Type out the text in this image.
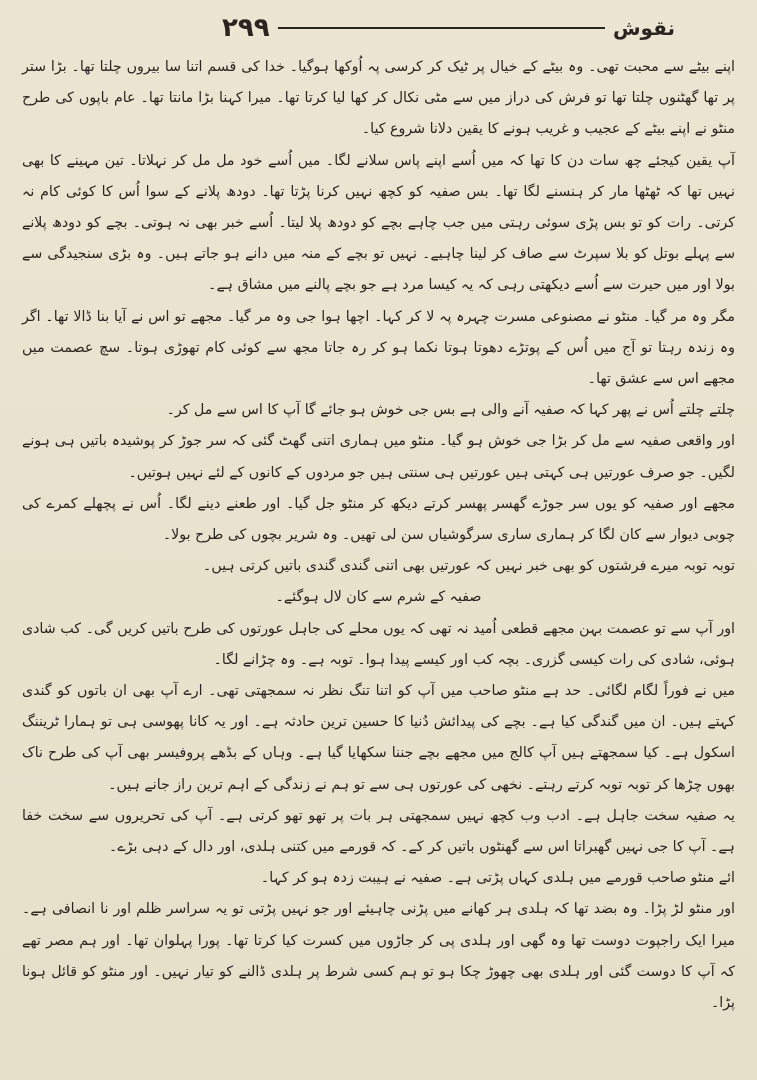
نقوش
۲۹۹

اپنے بیٹے سے محبت تھی۔ وہ بیٹے کے خیال پر ٹیک کر کرسی پہ اُوکھا ہوگیا۔ خدا کی قسم اتنا سا بیروں چلتا تھا۔ بڑا ستر پر تھا گھٹنوں چلتا تھا تو فرش کی دراز میں سے مٹی نکال کر کھا لیا کرتا تھا۔ میرا کہنا بڑا مانتا تھا۔ عام باپوں کی طرح منٹو نے اپنے بیٹے کے عجیب و غریب ہونے کا یقین دلانا شروع کیا۔

آپ یقین کیجئے چھ سات دن کا تھا کہ میں اُسے اپنے پاس سلانے لگا۔ میں اُسے خود مل مل کر نہلاتا۔ تین مہینے کا بھی نہیں تھا کہ ٹھٹھا مار کر ہنسنے لگا تھا۔ بس صفیہ کو کچھ نہیں کرنا پڑتا تھا۔ دودھ پلانے کے سوا اُس کا کوئی کام نہ کرتی۔ رات کو تو بس پڑی سوئی رہتی میں جب چاہے بچے کو دودھ پلا لیتا۔ اُسے خبر بھی نہ ہوتی۔ بچے کو دودھ پلانے سے پہلے بوتل کو بلا سپرٹ سے صاف کر لینا چاہیے۔ نہیں تو بچے کے منہ میں دانے ہو جاتے ہیں۔ وہ بڑی سنجیدگی سے بولا اور میں حیرت سے اُسے دیکھتی رہی کہ یہ کیسا مرد ہے جو بچے پالنے میں مشاق ہے۔

مگر وہ مر گیا۔ منٹو نے مصنوعی مسرت چہرہ پہ لا کر کہا۔ اچھا ہوا جی وہ مر گیا۔ مجھے تو اس نے آیا بنا ڈالا تھا۔ اگر وہ زندہ رہتا تو آج میں اُس کے پوتڑے دھوتا ہوتا نکما ہو کر رہ جاتا مجھ سے کوئی کام تھوڑی ہوتا۔ سچ عصمت میں مجھے اس سے عشق تھا۔

چلتے چلتے اُس نے پھر کہا کہ صفیہ آنے والی ہے بس جی خوش ہو جائے گا آپ کا اس سے مل کر۔

اور واقعی صفیہ سے مل کر بڑا جی خوش ہو گیا۔ منٹو میں ہماری اتنی گھٹ گئی کہ سر جوڑ کر پوشیدہ باتیں ہی ہونے لگیں۔ جو صرف عورتیں ہی کہتی ہیں عورتیں ہی سنتی ہیں جو مردوں کے کانوں کے لئے نہیں ہوتیں۔

مجھے اور صفیہ کو یوں سر جوڑے گھسر پھسر کرتے دیکھ کر منٹو جل گیا۔ اور طعنے دینے لگا۔ اُس نے پچھلے کمرے کی چوبی دیوار سے کان لگا کر ہماری ساری سرگوشیاں سن لی تھیں۔ وہ شریر بچوں کی طرح بولا۔

توبہ توبہ میرے فرشتوں کو بھی خبر نہیں کہ عورتیں بھی اتنی گندی گندی باتیں کرتی ہیں۔

صفیہ کے شرم سے کان لال ہوگئے۔

اور آپ سے تو عصمت بہن مجھے قطعی اُمید نہ تھی کہ یوں محلے کی جاہل عورتوں کی طرح باتیں کریں گی۔ کب شادی ہوئی، شادی کی رات کیسی گزری۔ بچہ کب اور کیسے پیدا ہوا۔ توبہ ہے۔ وہ چڑانے لگا۔

میں نے فوراً لگام لگائی۔ حد ہے منٹو صاحب میں آپ کو اتنا تنگ نظر نہ سمجھتی تھی۔ ارے آپ بھی ان باتوں کو گندی کہتے ہیں۔ ان میں گندگی کیا ہے۔ بچے کی پیدائش دُنیا کا حسین ترین حادثہ ہے۔ اور یہ کانا پھوسی ہی تو ہمارا ٹریننگ اسکول ہے۔ کیا سمجھتے ہیں آپ کالج میں مجھے بچے جننا سکھایا گیا ہے۔ وہاں کے بڈھے پروفیسر بھی آپ کی طرح ناک بھوں چڑھا کر توبہ توبہ کرتے رہتے۔ نخھی کی عورتوں ہی سے تو ہم نے زندگی کے اہم ترین راز جانے ہیں۔

یہ صفیہ سخت جاہل ہے۔ ادب وب کچھ نہیں سمجھتی ہر بات پر تھو تھو کرتی ہے۔ آپ کی تحریروں سے سخت خفا ہے۔ آپ کا جی نہیں گھبراتا اس سے گھنٹوں باتیں کر کے۔ کہ قورمے میں کتنی ہلدی، اور دال کے دہی بڑے۔

ائے منٹو صاحب قورمے میں ہلدی کہاں پڑتی ہے۔ صفیہ نے ہیبت زدہ ہو کر کہا۔

اور منٹو لڑ پڑا۔ وہ بضد تھا کہ ہلدی ہر کھانے میں پڑنی چاہیئے اور جو نہیں پڑتی تو یہ سراسر ظلم اور نا انصافی ہے۔ میرا ایک راجپوت دوست تھا وہ گھی اور ہلدی پی کر جاڑوں میں کسرت کیا کرتا تھا۔ پورا پہلوان تھا۔ اور ہم مصر تھے کہ آپ کا دوست گئی اور ہلدی بھی چھوڑ چکا ہو تو ہم کسی شرط پر ہلدی ڈالنے کو تیار نہیں۔ اور منٹو کو قائل ہونا پڑا۔
